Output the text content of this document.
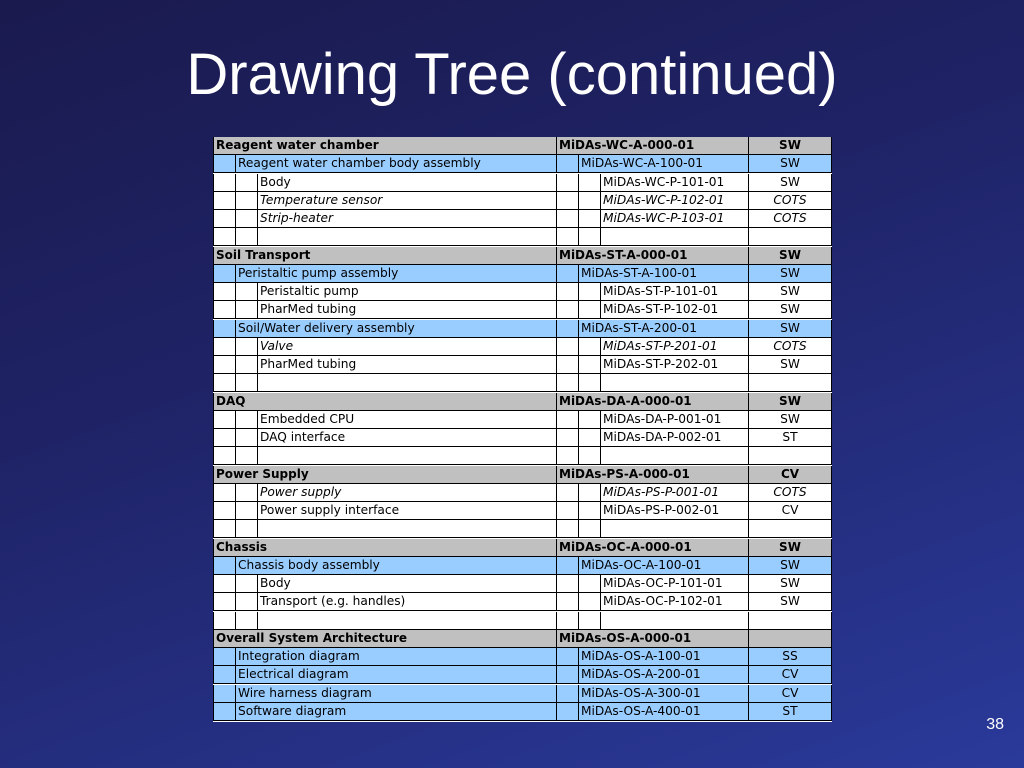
Drawing Tree (continued)
Reagent water chamber	MiDAs-WC-A-000-01	SW
Reagent water chamber body assembly	MiDAs-WC-A-100-01	SW
Body	MiDAs-WC-P-101-01	SW
Temperature sensor	MiDAs-WC-P-102-01	COTS
Strip-heater	MiDAs-WC-P-103-01	COTS
Soil Transport	MiDAs-ST-A-000-01	SW
Peristaltic pump assembly	MiDAs-ST-A-100-01	SW
Peristaltic pump	MiDAs-ST-P-101-01	SW
PharMed tubing	MiDAs-ST-P-102-01	SW
Soil/Water delivery assembly	MiDAs-ST-A-200-01	SW
Valve	MiDAs-ST-P-201-01	COTS
PharMed tubing	MiDAs-ST-P-202-01	SW
DAQ	MiDAs-DA-A-000-01	SW
Embedded CPU	MiDAs-DA-P-001-01	SW
DAQ interface	MiDAs-DA-P-002-01	ST
Power Supply	MiDAs-PS-A-000-01	CV
Power supply	MiDAs-PS-P-001-01	COTS
Power supply interface	MiDAs-PS-P-002-01	CV
Chassis	MiDAs-OC-A-000-01	SW
Chassis body assembly	MiDAs-OC-A-100-01	SW
Body	MiDAs-OC-P-101-01	SW
Transport (e.g. handles)	MiDAs-OC-P-102-01	SW
Overall System Architecture	MiDAs-OS-A-000-01
Integration diagram	MiDAs-OS-A-100-01	SS
Electrical diagram	MiDAs-OS-A-200-01	CV
Wire harness diagram	MiDAs-OS-A-300-01	CV
Software diagram	MiDAs-OS-A-400-01	ST
38
